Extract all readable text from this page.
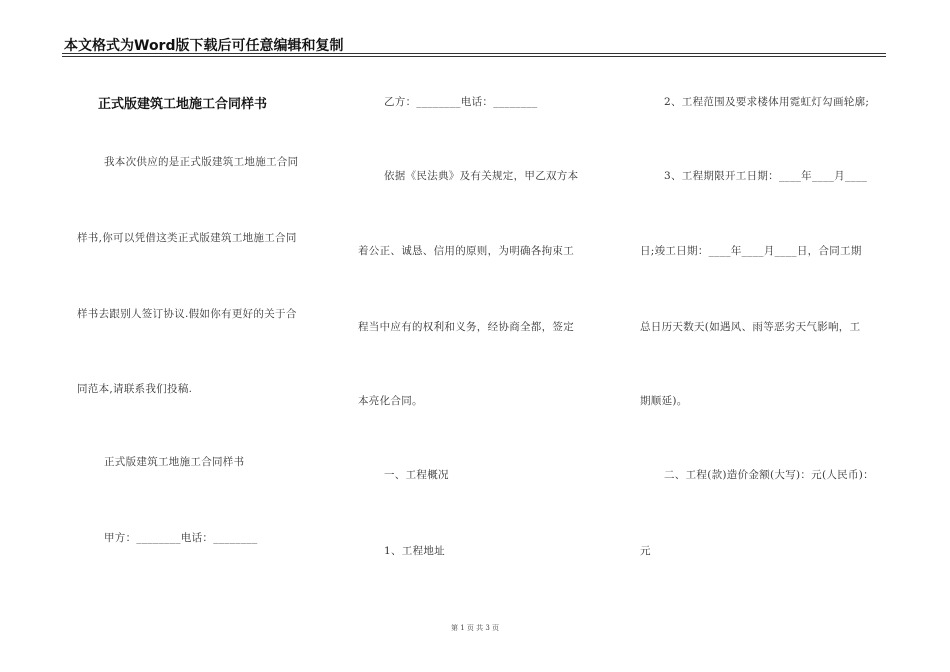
本文格式为Word版下载后可任意编辑和复制
正式版建筑工地施工合同样书
我本次供应的是正式版建筑工地施工合同
样书,你可以凭借这类正式版建筑工地施工合同
样书去跟别人签订协议.假如你有更好的关于合
同范本,请联系我们投稿.
正式版建筑工地施工合同样书
甲方：________电话：________
乙方：________电话：________
依据《民法典》及有关规定，甲乙双方本
着公正、诚恳、信用的原则，为明确各拘束工
程当中应有的权利和义务，经协商全都，签定
本亮化合同。
一、工程概况
1、工程地址
2、工程范围及要求楼体用霓虹灯勾画轮廓;
3、工程期限开工日期：____年____月____
日;竣工日期：____年____月____日，合同工期
总日历天数天(如遇风、雨等恶劣天气影响，工
期顺延)。
二、工程(款)造价金额(大写)：元(人民币)：
元
第 1 页 共 3 页
